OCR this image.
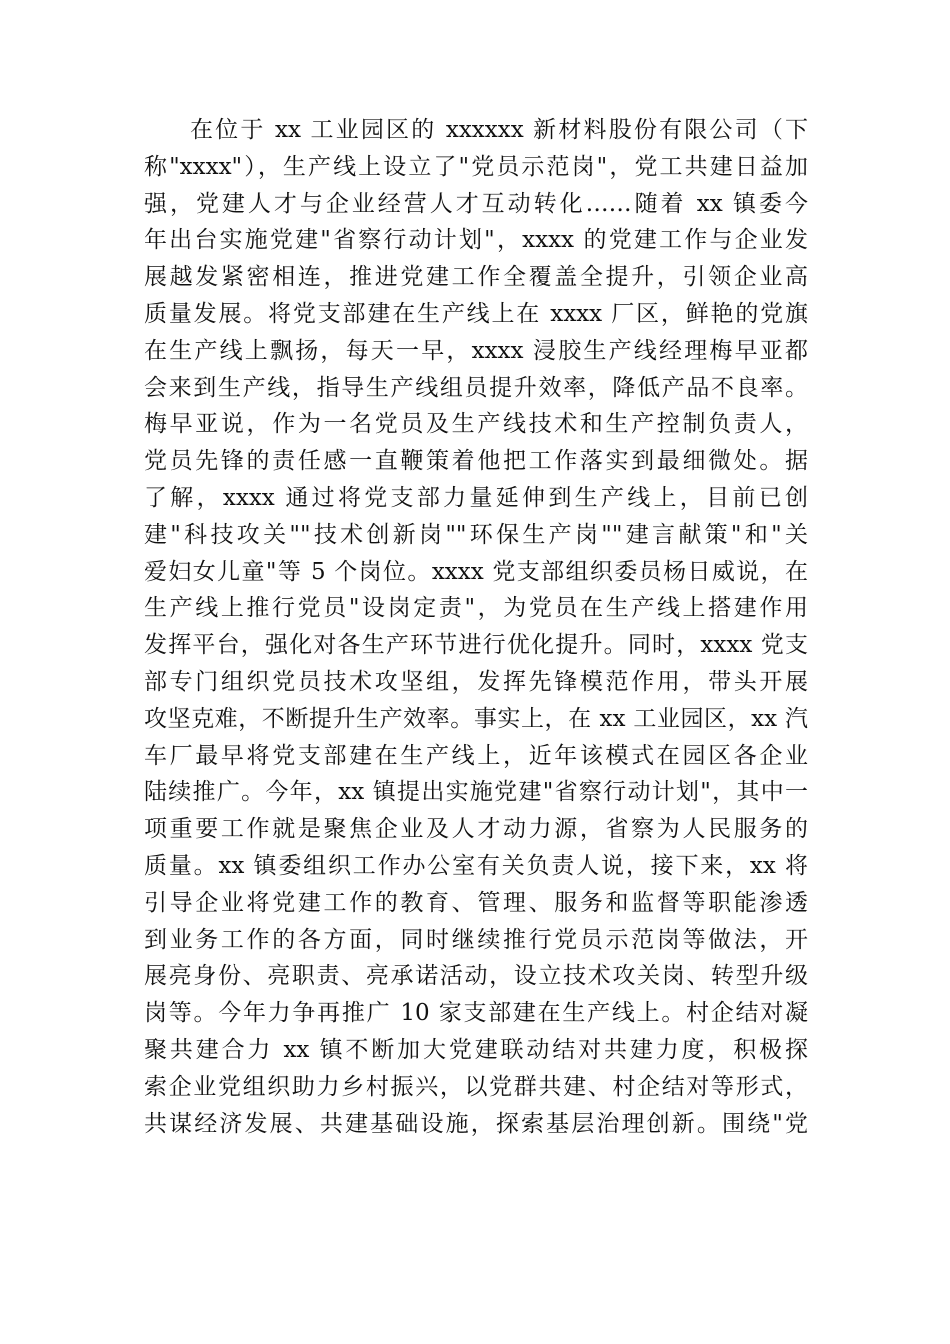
在位于 xx 工业园区的 xxxxxx 新材料股份有限公司（下
称"xxxx"），生产线上设立了"党员示范岗"，党工共建日益加
强，党建人才与企业经营人才互动转化……随着 xx 镇委今
年出台实施党建"省察行动计划"，xxxx 的党建工作与企业发
展越发紧密相连，推进党建工作全覆盖全提升，引领企业高
质量发展。将党支部建在生产线上在 xxxx 厂区，鲜艳的党旗
在生产线上飘扬，每天一早，xxxx 浸胶生产线经理梅早亚都
会来到生产线，指导生产线组员提升效率，降低产品不良率。
梅早亚说，作为一名党员及生产线技术和生产控制负责人，
党员先锋的责任感一直鞭策着他把工作落实到最细微处。据
了解，xxxx 通过将党支部力量延伸到生产线上，目前已创
建"科技攻关""技术创新岗""环保生产岗""建言献策"和"关
爱妇女儿童"等 5 个岗位。xxxx 党支部组织委员杨日威说，在
生产线上推行党员"设岗定责"，为党员在生产线上搭建作用
发挥平台，强化对各生产环节进行优化提升。同时，xxxx 党支
部专门组织党员技术攻坚组，发挥先锋模范作用，带头开展
攻坚克难，不断提升生产效率。事实上，在 xx 工业园区，xx 汽
车厂最早将党支部建在生产线上，近年该模式在园区各企业
陆续推广。今年，xx 镇提出实施党建"省察行动计划"，其中一
项重要工作就是聚焦企业及人才动力源，省察为人民服务的
质量。xx 镇委组织工作办公室有关负责人说，接下来，xx 将
引导企业将党建工作的教育、管理、服务和监督等职能渗透
到业务工作的各方面，同时继续推行党员示范岗等做法，开
展亮身份、亮职责、亮承诺活动，设立技术攻关岗、转型升级
岗等。今年力争再推广 10 家支部建在生产线上。村企结对凝
聚共建合力 xx 镇不断加大党建联动结对共建力度，积极探
索企业党组织助力乡村振兴，以党群共建、村企结对等形式，
共谋经济发展、共建基础设施，探索基层治理创新。围绕"党
